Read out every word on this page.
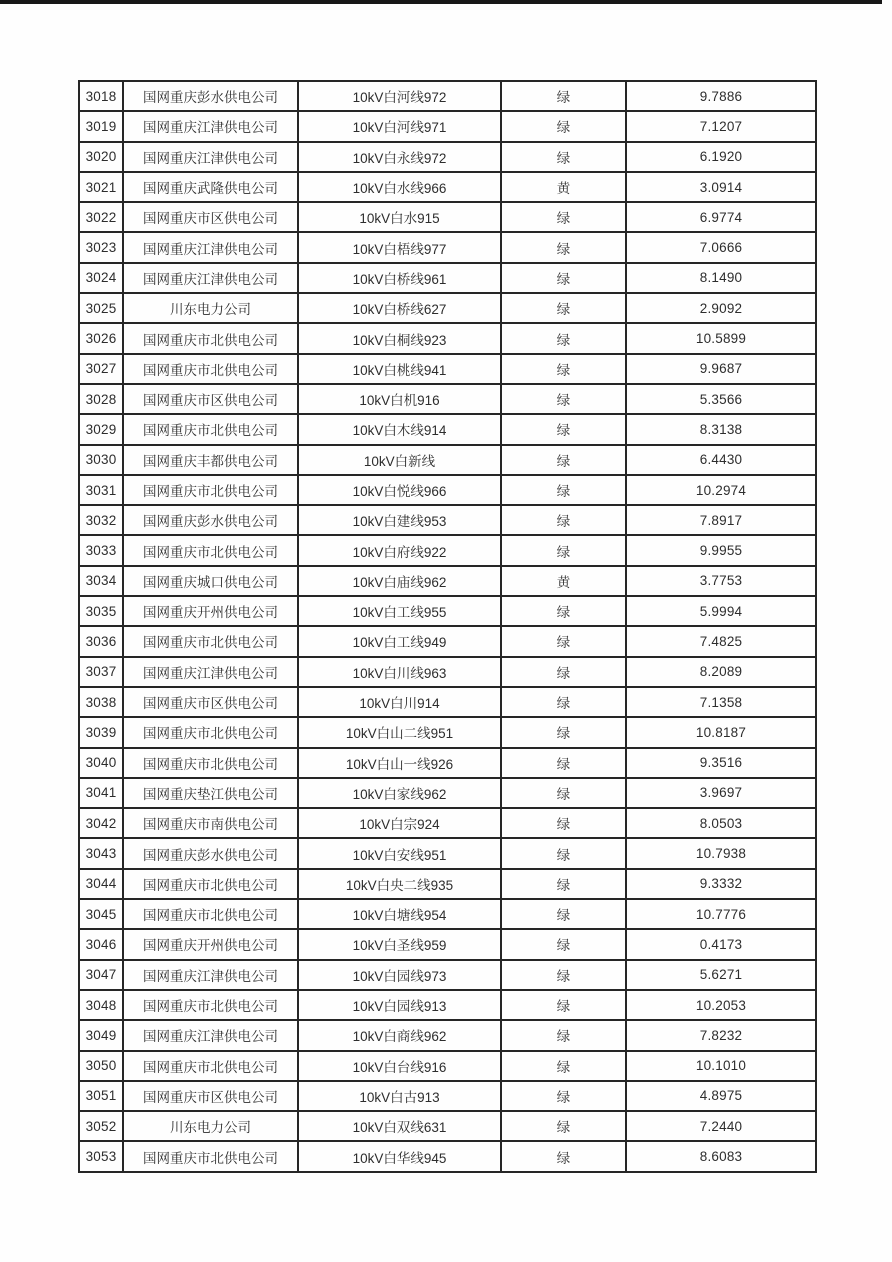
3018	国网重庆彭水供电公司	10kV白河线972	绿	9.7886
3019	国网重庆江津供电公司	10kV白河线971	绿	7.1207
3020	国网重庆江津供电公司	10kV白永线972	绿	6.1920
3021	国网重庆武隆供电公司	10kV白水线966	黄	3.0914
3022	国网重庆市区供电公司	10kV白水915	绿	6.9774
3023	国网重庆江津供电公司	10kV白梧线977	绿	7.0666
3024	国网重庆江津供电公司	10kV白桥线961	绿	8.1490
3025	川东电力公司	10kV白桥线627	绿	2.9092
3026	国网重庆市北供电公司	10kV白桐线923	绿	10.5899
3027	国网重庆市北供电公司	10kV白桃线941	绿	9.9687
3028	国网重庆市区供电公司	10kV白机916	绿	5.3566
3029	国网重庆市北供电公司	10kV白木线914	绿	8.3138
3030	国网重庆丰都供电公司	10kV白新线	绿	6.4430
3031	国网重庆市北供电公司	10kV白悦线966	绿	10.2974
3032	国网重庆彭水供电公司	10kV白建线953	绿	7.8917
3033	国网重庆市北供电公司	10kV白府线922	绿	9.9955
3034	国网重庆城口供电公司	10kV白庙线962	黄	3.7753
3035	国网重庆开州供电公司	10kV白工线955	绿	5.9994
3036	国网重庆市北供电公司	10kV白工线949	绿	7.4825
3037	国网重庆江津供电公司	10kV白川线963	绿	8.2089
3038	国网重庆市区供电公司	10kV白川914	绿	7.1358
3039	国网重庆市北供电公司	10kV白山二线951	绿	10.8187
3040	国网重庆市北供电公司	10kV白山一线926	绿	9.3516
3041	国网重庆垫江供电公司	10kV白家线962	绿	3.9697
3042	国网重庆市南供电公司	10kV白宗924	绿	8.0503
3043	国网重庆彭水供电公司	10kV白安线951	绿	10.7938
3044	国网重庆市北供电公司	10kV白央二线935	绿	9.3332
3045	国网重庆市北供电公司	10kV白塘线954	绿	10.7776
3046	国网重庆开州供电公司	10kV白圣线959	绿	0.4173
3047	国网重庆江津供电公司	10kV白园线973	绿	5.6271
3048	国网重庆市北供电公司	10kV白园线913	绿	10.2053
3049	国网重庆江津供电公司	10kV白商线962	绿	7.8232
3050	国网重庆市北供电公司	10kV白台线916	绿	10.1010
3051	国网重庆市区供电公司	10kV白古913	绿	4.8975
3052	川东电力公司	10kV白双线631	绿	7.2440
3053	国网重庆市北供电公司	10kV白华线945	绿	8.6083
